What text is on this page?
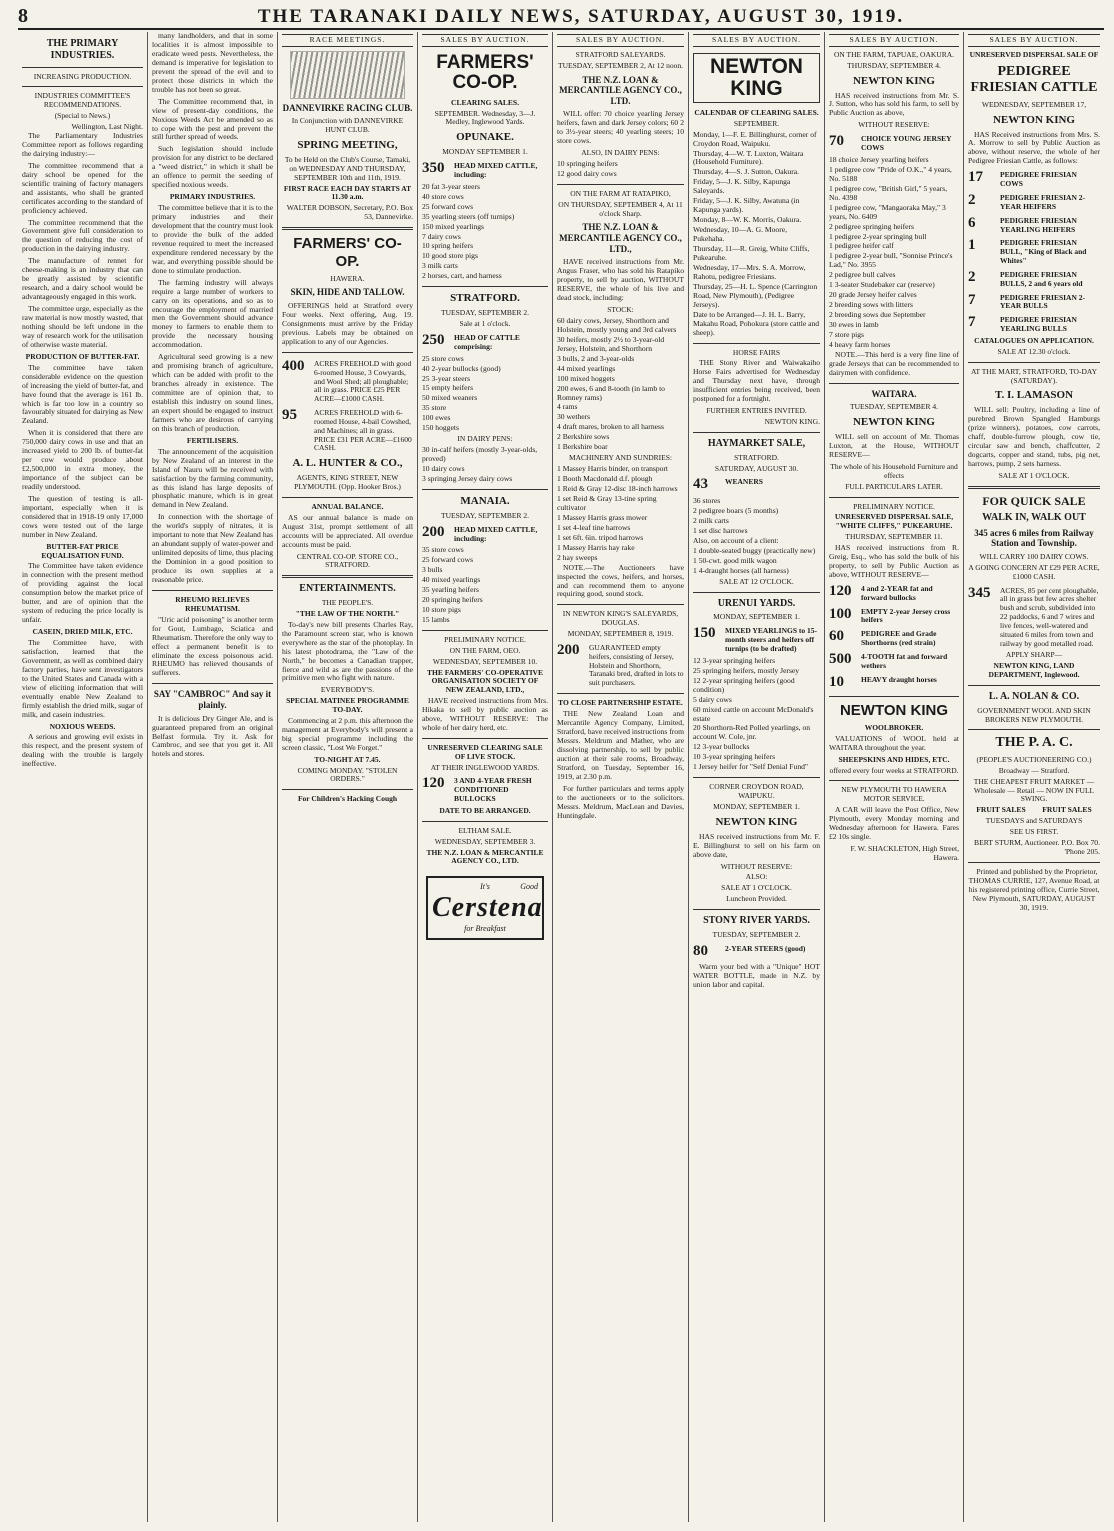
8	THE TARANAKI DAILY NEWS, SATURDAY, AUGUST 30, 1919.
THE PRIMARY INDUSTRIES.
INCREASING PRODUCTION.
INDUSTRIES COMMITTEE'S RECOMMENDATIONS.
(Special to News.)
Wellington, Last Night.

The Parliamentary Industries Committee report as follows regarding the dairying industry:—

The committee recommend that a dairy school be opened for the scientific training of factory managers and assistants, who shall be granted certificates according to the standard of proficiency achieved.

The committee recommend that the Government give full consideration to the question of reducing the cost of production in the dairying industry.

The manufacture of rennet for cheese-making is an industry that can be greatly assisted by scientific research, and a dairy school would be advantageously engaged in this work.

The committee urge, especially as the raw material is now mostly wasted, that nothing should be left undone in the way of research work for the utilisation of otherwise waste material.

PRODUCTION OF BUTTER-FAT.

The committee have taken considerable evidence on the question of increasing the yield of butter-fat, and have found that the average is 161 lb. which is far too low in a country so favourably situated for dairying as New Zealand.

When it is considered that there are 750,000 dairy cows in use and that an increased yield to 200 lb. of butter-fat per cow would produce about £2,500,000 in extra money, the importance of the subject can be readily understood.

The question of testing is all-important, especially when it is considered that in 1918-19 only 17,000 cows were tested out of the large number in New Zealand.

BUTTER-FAT PRICE EQUALISATION FUND.

The Committee have taken evidence in connection with the present method of providing against the local consumption below the market price of butter, and are of opinion that the system of reducing the price locally is unfair.

CASEIN, DRIED MILK, ETC.

The Committee have, with satisfaction, learned that the Government, as well as combined dairy factory parties, have sent investigators to the United States and Canada with a view of eliciting information that will eventually enable New Zealand to firmly establish the dried milk, sugar of milk, and casein industries.

NOXIOUS WEEDS.

A serious and growing evil exists in this respect, and the present system of dealing with the trouble is largely ineffective.

many landholders, and that in some localities it is almost impossible to eradicate weed pests. Nevertheless, the demand is imperative for legislation to prevent the spread of the evil and to protect those districts in which the trouble has not been so great.

The Committee recommend that, in view of present-day conditions, the Noxious Weeds Act be amended so as to cope with the pest and prevent the still further spread of weeds.

Such legislation should include provision for any district to be declared a "weed district," in which it shall be an offence to permit the seeding of specified noxious weeds.

PRIMARY INDUSTRIES.

The committee believe that it is to the primary industries and their development that the country must look to provide the bulk of the added revenue required to meet the increased expenditure rendered necessary by the war, and everything possible should be done to stimulate production.

The farming industry will always require a large number of workers to carry on its operations, and so as to encourage the employment of married men the Government should advance money to farmers to enable them to provide the necessary housing accommodation.

Agricultural seed growing is a new and promising branch of agriculture, which can be added with profit to the branches already in existence. The committee are of opinion that, to establish this industry on sound lines, an expert should be engaged to instruct farmers who are desirous of carrying on this branch of production.

FERTILISERS.

The announcement of the acquisition by New Zealand of an interest in the Island of Nauru will be received with satisfaction by the farming community, as this island has large deposits of phosphatic manure, which is in great demand in New Zealand.

In connection with the shortage of the world's supply of nitrates, it is important to note that New Zealand has an abundant supply of water-power and unlimited deposits of lime, thus placing the Dominion in a good position to produce its own supplies at a reasonable price.

RHEUMO RELIEVES RHEUMATISM.

"Uric acid poisoning" is another term for Gout, Lumbago, Sciatica and Rheumatism. Therefore the only way to effect a permanent benefit is to eliminate the excess poisonous acid. RHEUMO has relieved thousands of sufferers.

SAY "CAMBROC" And say it plainly.

It is delicious Dry Ginger Ale, and is guaranteed prepared from an original Belfast formula. Try it. Ask for Cambroc, and see that you get it. All hotels and stores.

RACE MEETINGS.
DANNEVIRKE RACING CLUB.
In Conjunction with DANNEVIRKE HUNT CLUB.
SPRING MEETING,
To be Held on the Club's Course, Tamaki, on WEDNESDAY AND THURSDAY, SEPTEMBER 10th and 11th, 1919.
FIRST RACE EACH DAY STARTS AT 11.30 a.m.
WALTER DOBSON, Secretary, P.O. Box 53, Dannevirke.
FARMERS' CO-OP.
HAWERA.
SKIN, HIDE AND TALLOW.

OFFERINGS held at Stratford every Four weeks. Next offering, Aug. 19. Consignments must arrive by the Friday previous. Labels may be obtained on application to any of our Agencies.

400	ACRES FREEHOLD with good 6-roomed House, 3 Cowyards, and Wool Shed; all ploughable; all in grass. PRICE £25 PER ACRE—£1000 CASH.
95	ACRES FREEHOLD with 6-roomed House, 4-bail Cowshed, and Machines; all in grass. PRICE £31 PER ACRE—£1600 CASH.
A. L. HUNTER & CO.,
AGENTS, KING STREET, NEW PLYMOUTH. (Opp. Hooker Bros.)
ANNUAL BALANCE.

AS our annual balance is made on August 31st, prompt settlement of all accounts will be appreciated. All overdue accounts must be paid.

CENTRAL CO-OP. STORE CO., STRATFORD.
ENTERTAINMENTS.
THE PEOPLE'S.
"THE LAW OF THE NORTH."

To-day's new bill presents Charles Ray, the Paramount screen star, who is known everywhere as the star of the photoplay. In his latest photodrama, the "Law of the North," he becomes a Canadian trapper, fierce and wild as are the passions of the primitive men who fight with nature.

EVERYBODY'S.
SPECIAL MATINEE PROGRAMME TO-DAY.

Commencing at 2 p.m. this afternoon the management at Everybody's will present a big special programme including the screen classic, "Lost We Forget."

TO-NIGHT AT 7.45.
COMING MONDAY. "STOLEN ORDERS."
For Children's Hacking Cough
SALES BY AUCTION.
FARMERS' CO-OP.
CLEARING SALES.
SEPTEMBER. Wednesday, 3—J. Medley, Inglewood Yards.
OPUNAKE.
MONDAY SEPTEMBER 1.
350	HEAD MIXED CATTLE, including:
20 fat 3-year steers
40 store cows
25 forward cows
35 yearling steers (off turnips)
150 mixed yearlings
7 dairy cows
10 spring heifers
10 good store pigs
3 milk carts
2 horses, cart, and harness
STRATFORD.
TUESDAY, SEPTEMBER 2.
Sale at 1 o'clock.
250	HEAD OF CATTLE comprising:
25 store cows
40 2-year bullocks (good)
25 3-year steers
15 empty heifers
50 mixed weaners
35 store
100 ewes
150 hoggets
IN DAIRY PENS:
30 in-calf heifers (mostly 3-year-olds, proved)
10 dairy cows
3 springing Jersey dairy cows
MANAIA.
TUESDAY, SEPTEMBER 2.
200	HEAD MIXED CATTLE, including:
35 store cows
25 forward cows
3 bulls
40 mixed yearlings
35 yearling heifers
20 springing heifers
10 store pigs
15 lambs
PRELIMINARY NOTICE.
ON THE FARM, OEO.
WEDNESDAY, SEPTEMBER 10.
THE FARMERS' CO-OPERATIVE ORGANISATION SOCIETY OF NEW ZEALAND, LTD.,

HAVE received instructions from Mrs. Hikaka to sell by public auction as above, WITHOUT RESERVE: The whole of her dairy herd, etc.

UNRESERVED CLEARING SALE OF LIVE STOCK.
AT THEIR INGLEWOOD YARDS.
120	3 AND 4-YEAR FRESH CONDITIONED BULLOCKS
DATE TO BE ARRANGED.
ELTHAM SALE.
WEDNESDAY, SEPTEMBER 3.
THE N.Z. LOAN & MERCANTILE AGENCY CO., LTD.
It's	Good
Cerstena
for Breakfast
SALES BY AUCTION.
STRATFORD SALEYARDS.
TUESDAY, SEPTEMBER 2, At 12 noon.
THE N.Z. LOAN & MERCANTILE AGENCY CO., LTD.

WILL offer: 70 choice yearling Jersey heifers, fawn and dark Jersey colors; 60 2 to 3½-year steers; 40 yearling steers; 10 store cows.

ALSO, IN DAIRY PENS:
10 springing heifers
12 good dairy cows
ON THE FARM AT RATAPIKO,
ON THURSDAY, SEPTEMBER 4, At 11 o'clock Sharp.
THE N.Z. LOAN & MERCANTILE AGENCY CO., LTD.,

HAVE received instructions from Mr. Angus Fraser, who has sold his Ratapiko property, to sell by auction, WITHOUT RESERVE, the whole of his live and dead stock, including:

STOCK:
60 dairy cows, Jersey, Shorthorn and Holstein, mostly young and 3rd calvers
30 heifers, mostly 2½ to 3-year-old Jersey, Holstein, and Shorthorn
3 bulls, 2 and 3-year-olds
44 mixed yearlings
100 mixed hoggets
200 ewes, 6 and 8-tooth (in lamb to Romney rams)
4 rams
30 wethers
4 draft mares, broken to all harness
2 Berkshire sows
1 Berkshire boar
MACHINERY AND SUNDRIES:
1 Massey Harris binder, on transport
1 Booth Macdonald d.f. plough
1 Reid & Gray 12-disc 18-inch harrows
1 set Reid & Gray 13-tine spring cultivator
1 Massey Harris grass mower
1 set 4-leaf tine harrows
1 set 6ft. 6in. tripod harrows
1 Massey Harris hay rake
2 hay sweeps

NOTE.—The Auctioneers have inspected the cows, heifers, and horses, and can recommend them to anyone requiring good, sound stock.

IN NEWTON KING'S SALEYARDS, DOUGLAS.
MONDAY, SEPTEMBER 8, 1919.
200	GUARANTEED empty heifers, consisting of Jersey, Holstein and Shorthorn, Taranaki bred, drafted in lots to suit purchasers.
TO CLOSE PARTNERSHIP ESTATE.

THE New Zealand Loan and Mercantile Agency Company, Limited, Stratford, have received instructions from Messrs. Meldrum and Mather, who are dissolving partnership, to sell by public auction at their sale rooms, Broadway, Stratford, on Tuesday, September 16, 1919, at 2.30 p.m.

For further particulars and terms apply to the auctioneers or to the solicitors. Messrs. Meldrum, MacLean and Davies, Huntingdale.

SALES BY AUCTION.
NEWTON KING
CALENDAR OF CLEARING SALES.
SEPTEMBER.
Monday, 1—F. E. Billinghurst, corner of Croydon Road, Waipuku.
Thursday, 4—W. T. Luxton, Waitara (Household Furniture).
Thursday, 4—S. J. Sutton, Oakura.
Friday, 5—J. K. Silby, Kapunga Saleyards.
Friday, 5—J. K. Silby, Awatuna (in Kapunga yards).
Monday, 8—W. K. Morris, Oakura.
Wednesday, 10—A. G. Moore, Pukehaha.
Thursday, 11—R. Greig, White Cliffs, Pukearuhe.
Wednesday, 17—Mrs. S. A. Morrow, Rahotu, pedigree Friesians.
Thursday, 25—H. L. Spence (Carrington Road, New Plymouth), (Pedigree Jerseys).
Date to be Arranged—J. H. L. Barry, Makahu Road, Pohokura (store cattle and sheep).
HORSE FAIRS

THE Stony River and Waiwakaiho Horse Fairs advertised for Wednesday and Thursday next have, through insufficient entries being received, been postponed for a fortnight.

FURTHER ENTRIES INVITED.
NEWTON KING.
HAYMARKET SALE,
STRATFORD.
SATURDAY, AUGUST 30.
43	WEANERS
36 stores
2 pedigree boars (5 months)
2 milk carts
1 set disc harrows
Also, on account of a client:
1 double-seated buggy (practically new)
1 50-cwt. good milk wagon
1 4-draught horses (all harness)
SALE AT 12 O'CLOCK.
URENUI YARDS.
MONDAY, SEPTEMBER 1.
150	MIXED YEARLINGS to 15-month steers and heifers off turnips (to be drafted)
12 3-year springing heifers
25 springing heifers, mostly Jersey
12 2-year springing heifers (good condition)
5 dairy cows
60 mixed cattle on account McDonald's estate
20 Shorthorn-Red Polled yearlings, on account W. Cole, jnr.
12 3-year bullocks
10 3-year springing heifers
1 Jersey heifer for "Self Denial Fund"
CORNER CROYDON ROAD, WAIPUKU.
MONDAY, SEPTEMBER 1.
NEWTON KING

HAS received instructions from Mr. F. E. Billinghurst to sell on his farm on above date,

WITHOUT RESERVE:
ALSO:
SALE AT 1 O'CLOCK.
Luncheon Provided.
STONY RIVER YARDS.
TUESDAY, SEPTEMBER 2.
80	2-YEAR STEERS (good)

Warm your bed with a "Unique" HOT WATER BOTTLE, made in N.Z. by union labor and capital.

SALES BY AUCTION.
ON THE FARM, TAPUAE, OAKURA.
THURSDAY, SEPTEMBER 4.
NEWTON KING

HAS received instructions from Mr. S. J. Sutton, who has sold his farm, to sell by Public Auction as above,

WITHOUT RESERVE:
70	CHOICE YOUNG JERSEY COWS
18 choice Jersey yearling heifers
1 pedigree cow "Pride of O.K.," 4 years, No. 5188
1 pedigree cow, "British Girl," 5 years, No. 4398
1 pedigree cow, "Mangaoraka May," 3 years, No. 6409
2 pedigree springing heifers
1 pedigree 2-year springing bull
1 pedigree heifer calf
1 pedigree 2-year bull, "Sonnise Prince's Lad," No. 3955
2 pedigree bull calves
1 3-seater Studebaker car (reserve)
20 grade Jersey heifer calves
2 breeding sows with litters
2 breeding sows due September
30 ewes in lamb
7 store pigs
4 heavy farm horses

NOTE.—This herd is a very fine line of grade Jerseys that can be recommended to dairymen with confidence.

WAITARA.
TUESDAY, SEPTEMBER 4.
NEWTON KING

WILL sell on account of Mr. Thomas Luxton, at the House, WITHOUT RESERVE—

The whole of his Household Furniture and effects
FULL PARTICULARS LATER.
PRELIMINARY NOTICE.
UNRESERVED DISPERSAL SALE, "WHITE CLIFFS," PUKEARUHE.
THURSDAY, SEPTEMBER 11.

HAS received instructions from R. Greig, Esq., who has sold the bulk of his property, to sell by Public Auction as above, WITHOUT RESERVE—

120	4 and 2-YEAR fat and forward bullocks
100	EMPTY 2-year Jersey cross heifers
60	PEDIGREE and Grade Shorthorns (red strain)
500	4-TOOTH fat and forward wethers
10	HEAVY draught horses
NEWTON KING
WOOLBROKER.

VALUATIONS of WOOL held at WAITARA throughout the year.

SHEEPSKINS AND HIDES, ETC.
offered every four weeks at STRATFORD.
NEW PLYMOUTH TO HAWERA MOTOR SERVICE.

A CAR will leave the Post Office, New Plymouth, every Monday morning and Wednesday afternoon for Hawera. Fares £2 10s single.

F. W. SHACKLETON, High Street, Hawera.
SALES BY AUCTION.
UNRESERVED DISPERSAL SALE OF
PEDIGREE FRIESIAN CATTLE
WEDNESDAY, SEPTEMBER 17,
NEWTON KING

HAS Received instructions from Mrs. S. A. Morrow to sell by Public Auction as above, without reserve, the whole of her Pedigree Friesian Cattle, as follows:

17	PEDIGREE FRIESIAN COWS
2	PEDIGREE FRIESIAN 2-YEAR HEIFERS
6	PEDIGREE FRIESIAN YEARLING HEIFERS
1	PEDIGREE FRIESIAN BULL, "King of Black and Whites"
2	PEDIGREE FRIESIAN BULLS, 2 and 6 years old
7	PEDIGREE FRIESIAN 2-YEAR BULLS
7	PEDIGREE FRIESIAN YEARLING BULLS
CATALOGUES ON APPLICATION.
SALE AT 12.30 o'clock.
AT THE MART, STRATFORD, TO-DAY (SATURDAY).
T. I. LAMASON

WILL sell: Poultry, including a line of purebred Brown Spangled Hamburgs (prize winners), potatoes, cow carrots, chaff, double-furrow plough, cow tie, circular saw and bench, chaffcutter, 2 dogcarts, copper and stand, tubs, pig net, harrows, pump, 2 sets harness.

SALE AT 1 O'CLOCK.
FOR QUICK SALE
WALK IN, WALK OUT
345 acres 6 miles from Railway Station and Township.
WILL CARRY 100 DAIRY COWS.
A GOING CONCERN AT £29 PER ACRE, £1000 CASH.
345	ACRES, 85 per cent ploughable, all in grass but few acres shelter bush and scrub, subdivided into 22 paddocks, 6 and 7 wires and live fences, well-watered and situated 6 miles from town and railway by good metalled road.
APPLY SHARP—
NEWTON KING, LAND DEPARTMENT, Inglewood.
L. A. NOLAN & CO.
GOVERNMENT WOOL AND SKIN BROKERS NEW PLYMOUTH.
THE P. A. C.
(PEOPLE'S AUCTIONEERING CO.)
Broadway — Stratford.
THE CHEAPEST FRUIT MARKET — Wholesale — Retail — NOW IN FULL SWING.
FRUIT SALES FRUIT SALES
TUESDAYS and SATURDAYS
SEE US FIRST.
BERT STURM, Auctioneer. P.O. Box 70. 'Phone 205.

Printed and published by the Proprietor, THOMAS CURRIE, 127, Avenue Road, at his registered printing office, Currie Street, New Plymouth, SATURDAY, AUGUST 30, 1919.
